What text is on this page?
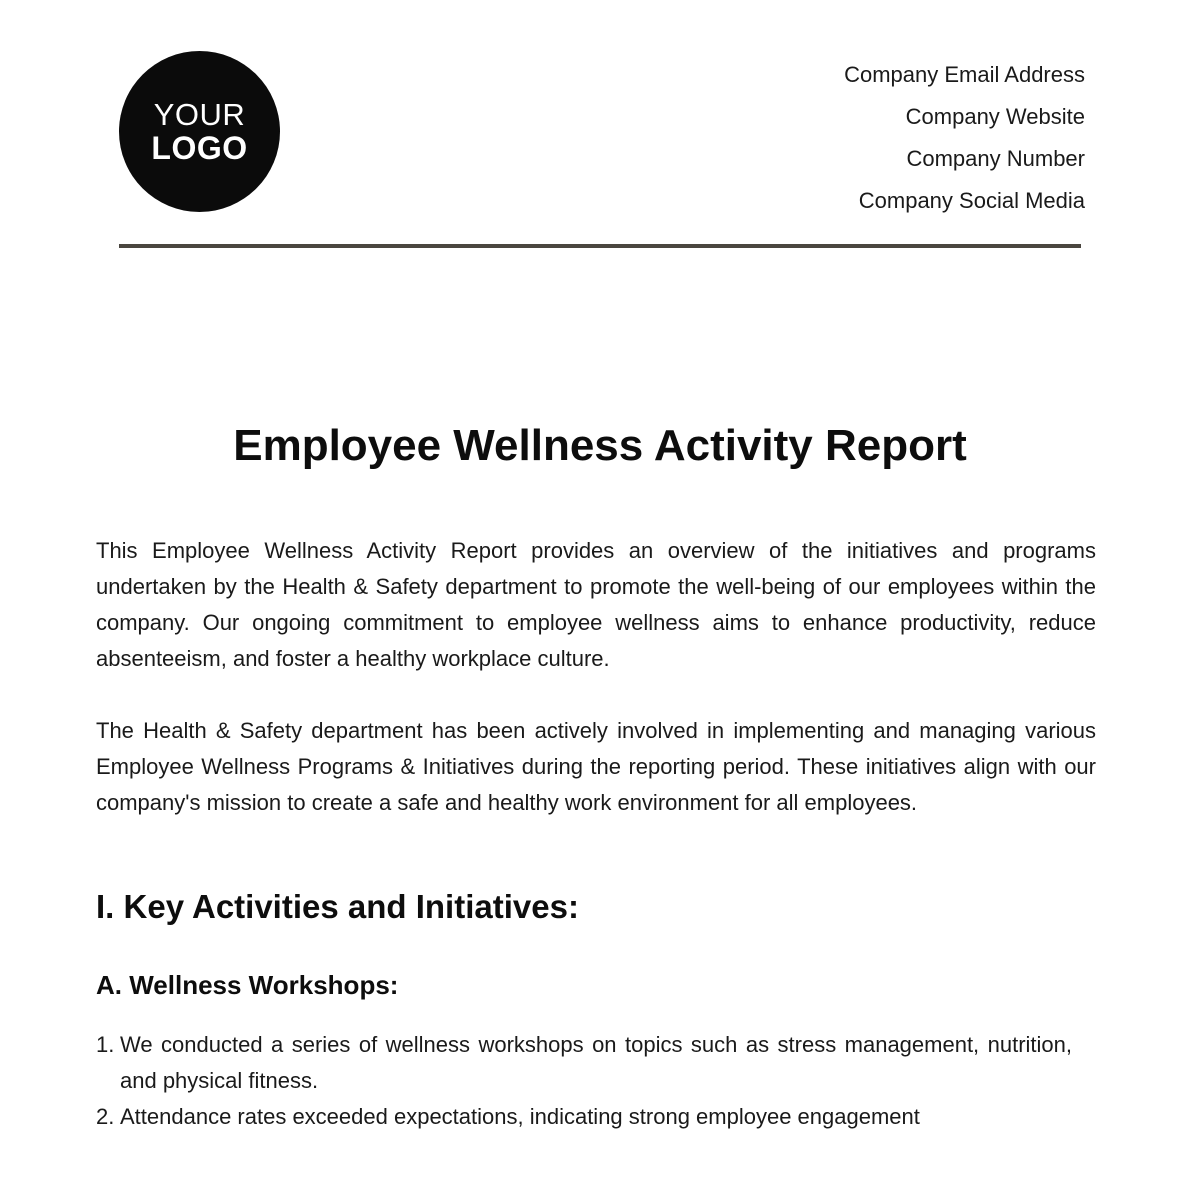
YOUR
LOGO
Company Email Address
Company Website
Company Number
Company Social Media
Employee Wellness Activity Report

This Employee Wellness Activity Report provides an overview of the initiatives and programs undertaken by the Health & Safety department to promote the well-being of our employees within the company. Our ongoing commitment to employee wellness aims to enhance productivity, reduce absenteeism, and foster a healthy workplace culture.

The Health & Safety department has been actively involved in implementing and managing various Employee Wellness Programs & Initiatives during the reporting period. These initiatives align with our company's mission to create a safe and healthy work environment for all employees.

I. Key Activities and Initiatives:
A. Wellness Workshops:
1. We conducted a series of wellness workshops on topics such as stress management, nutrition, and physical fitness.
2. Attendance rates exceeded expectations, indicating strong employee engagement
